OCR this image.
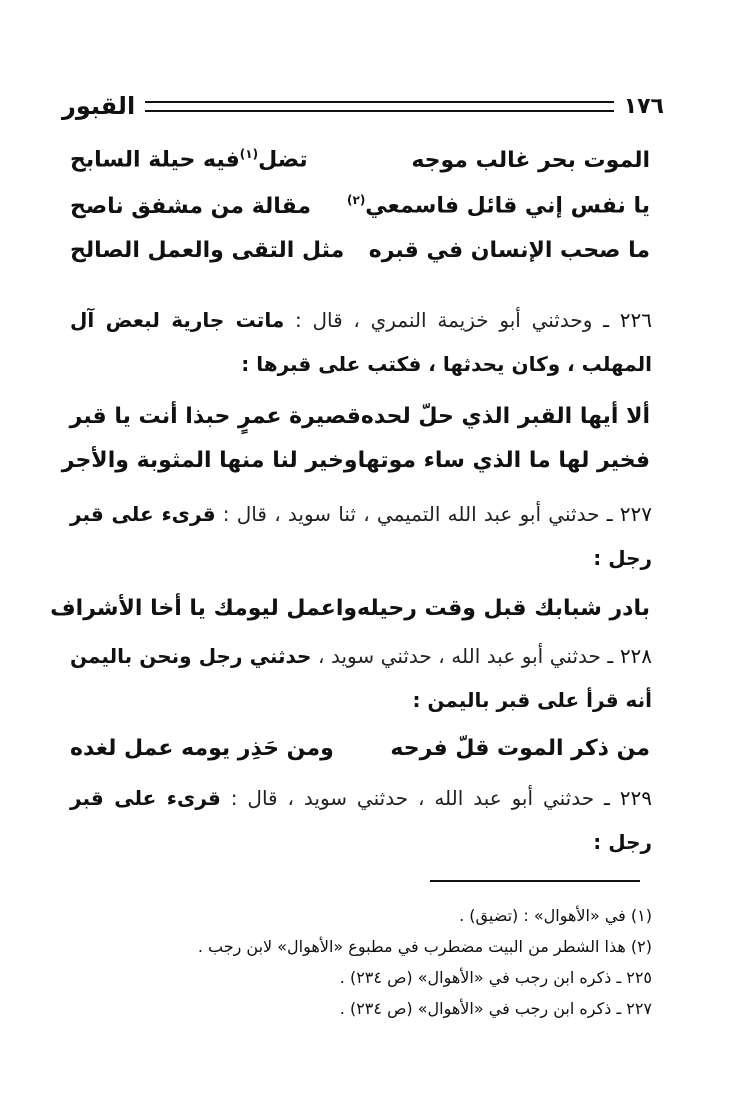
١٧٦
القبور
الموت بحر غالب موجه
تضل$^{(١)}$فيه حيلة السابح
يا نفس إني قائل فاسمعي$^{(٢)}$
مقالة من مشفق ناصح
ما صحب الإنسان في قبره
مثل التقى والعمل الصالح
٢٢٦ ـ وحدثني أبو خزيمة النمري ، قال : ماتت جارية لبعض آل المهلب ، وكان يحدثها ، فكتب على قبرها :
ألا أيها القبر الذي حلّ لحده
قصيرة عمرٍ حبذا أنت يا قبر
فخير لها ما الذي ساء موتها
وخير لنا منها المثوبة والأجر
٢٢٧ ـ حدثني أبو عبد الله التميمي ، ثنا سويد ، قال : قرىء على قبر رجل :
بادر شبابك قبل وقت رحيله
واعمل ليومك يا أخا الأشراف
٢٢٨ ـ حدثني أبو عبد الله ، حدثني سويد ، حدثني رجل ونحن باليمن أنه قرأ على قبر باليمن :
من ذكر الموت قلّ فرحه
ومن حَذِر يومه عمل لغده
٢٢٩ ـ حدثني أبو عبد الله ، حدثني سويد ، قال : قرىء على قبر رجل :
(١) في «الأهوال» : (تضيق) .
(٢) هذا الشطر من البيت مضطرب في مطبوع «الأهوال» لابن رجب .
٢٢٥ ـ ذكره ابن رجب في «الأهوال» (ص ٢٣٤) .
٢٢٧ ـ ذكره ابن رجب في «الأهوال» (ص ٢٣٤) .
